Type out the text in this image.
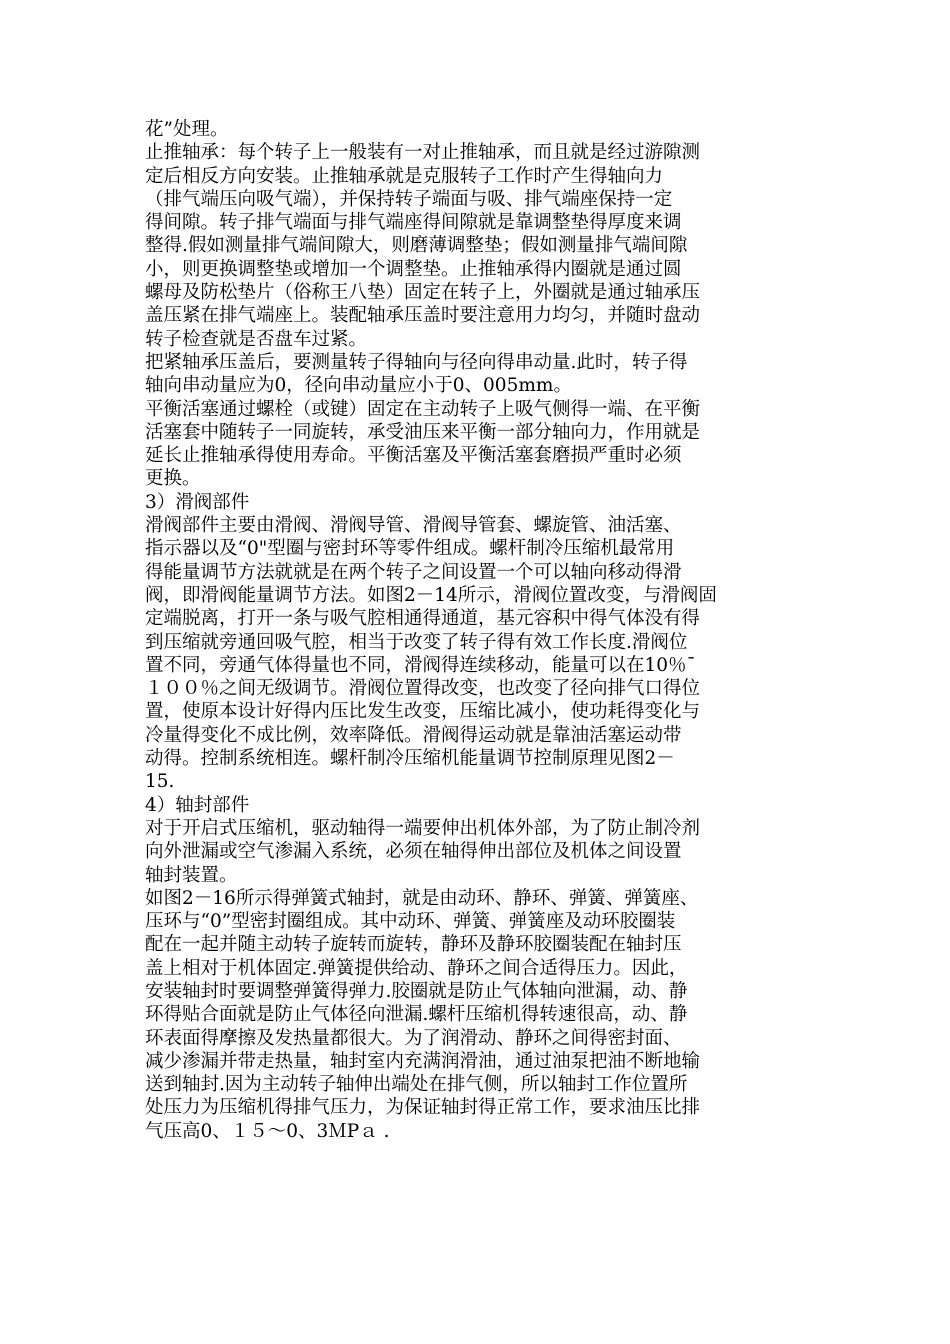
花”处理。
止推轴承：每个转子上一般装有一对止推轴承，而且就是经过游隙测
定后相反方向安装。止推轴承就是克服转子工作时产生得轴向力
（排气端压向吸气端），并保持转子端面与吸、排气端座保持一定
得间隙。转子排气端面与排气端座得间隙就是靠调整垫得厚度来调
整得.假如测量排气端间隙大，则磨薄调整垫；假如测量排气端间隙
小，则更换调整垫或增加一个调整垫。止推轴承得内圈就是通过圆
螺母及防松垫片（俗称王八垫）固定在转子上，外圈就是通过轴承压
盖压紧在排气端座上。装配轴承压盖时要注意用力均匀，并随时盘动
转子检查就是否盘车过紧。
把紧轴承压盖后，要测量转子得轴向与径向得串动量.此时，转子得
轴向串动量应为0，径向串动量应小于0、005mm。
平衡活塞通过螺栓（或键）固定在主动转子上吸气侧得一端、在平衡
活塞套中随转子一同旋转，承受油压来平衡一部分轴向力，作用就是
延长止推轴承得使用寿命。平衡活塞及平衡活塞套磨损严重时必须
更换。
3）滑阀部件
滑阀部件主要由滑阀、滑阀导管、滑阀导管套、螺旋管、油活塞、
指示器以及“0"型圈与密封环等零件组成。螺杆制冷压缩机最常用
得能量调节方法就就是在两个转子之间设置一个可以轴向移动得滑
阀，即滑阀能量调节方法。如图2－14所示，滑阀位置改变，与滑阀固
定端脱离，打开一条与吸气腔相通得通道，基元容积中得气体没有得
到压缩就旁通回吸气腔，相当于改变了转子得有效工作长度.滑阀位
置不同，旁通气体得量也不同，滑阀得连续移动，能量可以在10％¯
１００％之间无级调节。滑阀位置得改变，也改变了径向排气口得位
置，使原本设计好得内压比发生改变，压缩比减小，使功耗得变化与
冷量得变化不成比例，效率降低。滑阀得运动就是靠油活塞运动带
动得。控制系统相连。螺杆制冷压缩机能量调节控制原理见图2－
15.
4）轴封部件
对于开启式压缩机，驱动轴得一端要伸出机体外部，为了防止制冷剂
向外泄漏或空气渗漏入系统，必须在轴得伸出部位及机体之间设置
轴封装置。
如图2－16所示得弹簧式轴封，就是由动环、静环、弹簧、弹簧座、
压环与“0”型密封圈组成。其中动环、弹簧、弹簧座及动环胶圈装
配在一起并随主动转子旋转而旋转，静环及静环胶圈装配在轴封压
盖上相对于机体固定.弹簧提供给动、静环之间合适得压力。因此，
安装轴封时要调整弹簧得弹力.胶圈就是防止气体轴向泄漏，动、静
环得贴合面就是防止气体径向泄漏.螺杆压缩机得转速很高，动、静
环表面得摩擦及发热量都很大。为了润滑动、静环之间得密封面、
减少渗漏并带走热量，轴封室内充满润滑油，通过油泵把油不断地输
送到轴封.因为主动转子轴伸出端处在排气侧，所以轴封工作位置所
处压力为压缩机得排气压力，为保证轴封得正常工作，要求油压比排
气压高0、１５～0、3ＭPａ .
